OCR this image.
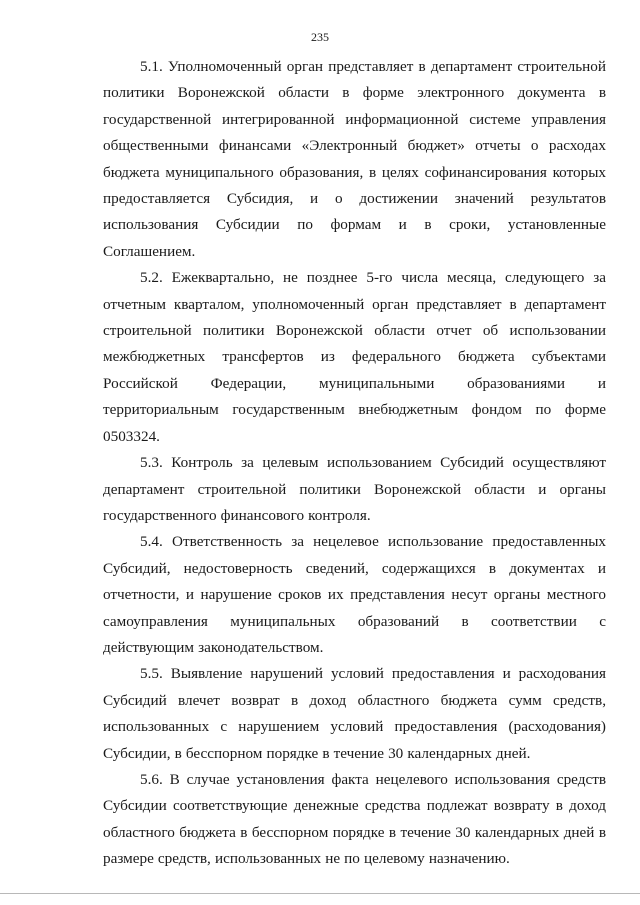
235

5.1. Уполномоченный орган представляет в департамент строительной политики Воронежской области в форме электронного документа в государственной интегрированной информационной системе управления общественными финансами «Электронный бюджет» отчеты о расходах бюджета муниципального образования, в целях софинансирования которых предоставляется Субсидия, и о достижении значений результатов использования Субсидии по формам и в сроки, установленные Соглашением.

5.2. Ежеквартально, не позднее 5-го числа месяца, следующего за отчетным кварталом, уполномоченный орган представляет в департамент строительной политики Воронежской области отчет об использовании межбюджетных трансфертов из федерального бюджета субъектами Российской Федерации, муниципальными образованиями и территориальным государственным внебюджетным фондом по форме 0503324.

5.3. Контроль за целевым использованием Субсидий осуществляют департамент строительной политики Воронежской области и органы государственного финансового контроля.

5.4. Ответственность за нецелевое использование предоставленных Субсидий, недостоверность сведений, содержащихся в документах и отчетности, и нарушение сроков их представления несут органы местного самоуправления муниципальных образований в соответствии с действующим законодательством.

5.5. Выявление нарушений условий предоставления и расходования Субсидий влечет возврат в доход областного бюджета сумм средств, использованных с нарушением условий предоставления (расходования) Субсидии, в бесспорном порядке в течение 30 календарных дней.

5.6. В случае установления факта нецелевого использования средств Субсидии соответствующие денежные средства подлежат возврату в доход областного бюджета в бесспорном порядке в течение 30 календарных дней в размере средств, использованных не по целевому назначению.
